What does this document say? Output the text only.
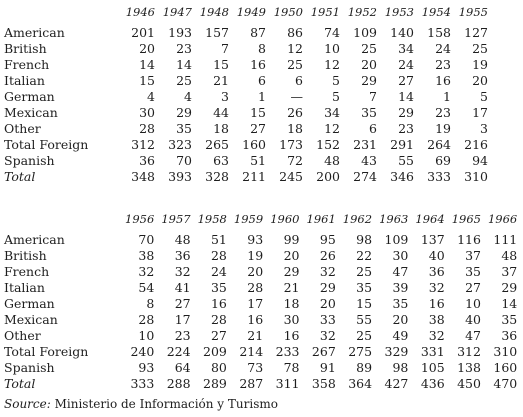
	1946	1947	1948	1949	1950	1951	1952	1953	1954	1955
American	201	193	157	87	86	74	109	140	158	127
British	20	23	7	8	12	10	25	34	24	25
French	14	14	15	16	25	12	20	24	23	19
Italian	15	25	21	6	6	5	29	27	16	20
German	4	4	3	1	—	5	7	14	1	5
Mexican	30	29	44	15	26	34	35	29	23	17
Other	28	35	18	27	18	12	6	23	19	3
Total Foreign	312	323	265	160	173	152	231	291	264	216
Spanish	36	70	63	51	72	48	43	55	69	94
Total	348	393	328	211	245	200	274	346	333	310
	1956	1957	1958	1959	1960	1961	1962	1963	1964	1965	1966
American	70	48	51	93	99	95	98	109	137	116	111
British	38	36	28	19	20	26	22	30	40	37	48
French	32	32	24	20	29	32	25	47	36	35	37
Italian	54	41	35	28	21	29	35	39	32	27	29
German	8	27	16	17	18	20	15	35	16	10	14
Mexican	28	17	28	16	30	33	55	20	38	40	35
Other	10	23	27	21	16	32	25	49	32	47	36
Total Foreign	240	224	209	214	233	267	275	329	331	312	310
Spanish	93	64	80	73	78	91	89	98	105	138	160
Total	333	288	289	287	311	358	364	427	436	450	470
Source: Ministerio de Información y Turismo
